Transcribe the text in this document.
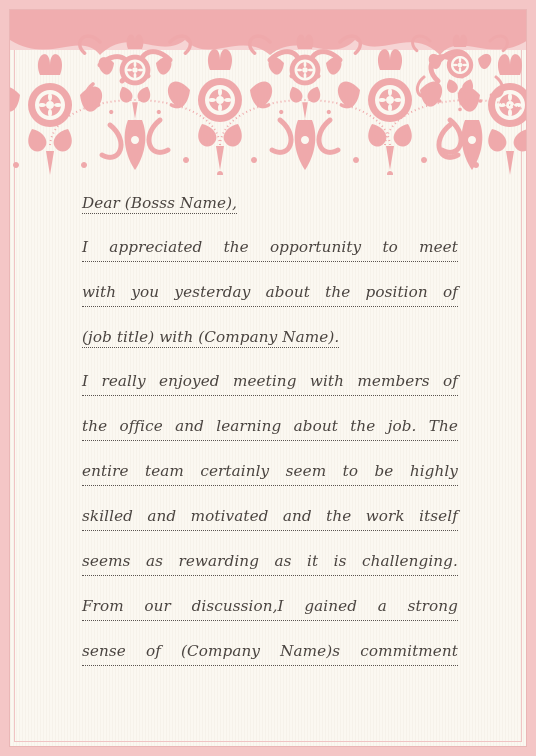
Dear (Bosss Name),
I appreciated the opportunity to meet
with you yesterday about the position of
(job title) with (Company Name).
I really enjoyed meeting with members of
the office and learning about the job. The
entire team certainly seem to be highly
skilled and motivated and the work itself
seems as rewarding as it is challenging.
From our discussion,I gained a strong
sense of (Company Name)s commitment
